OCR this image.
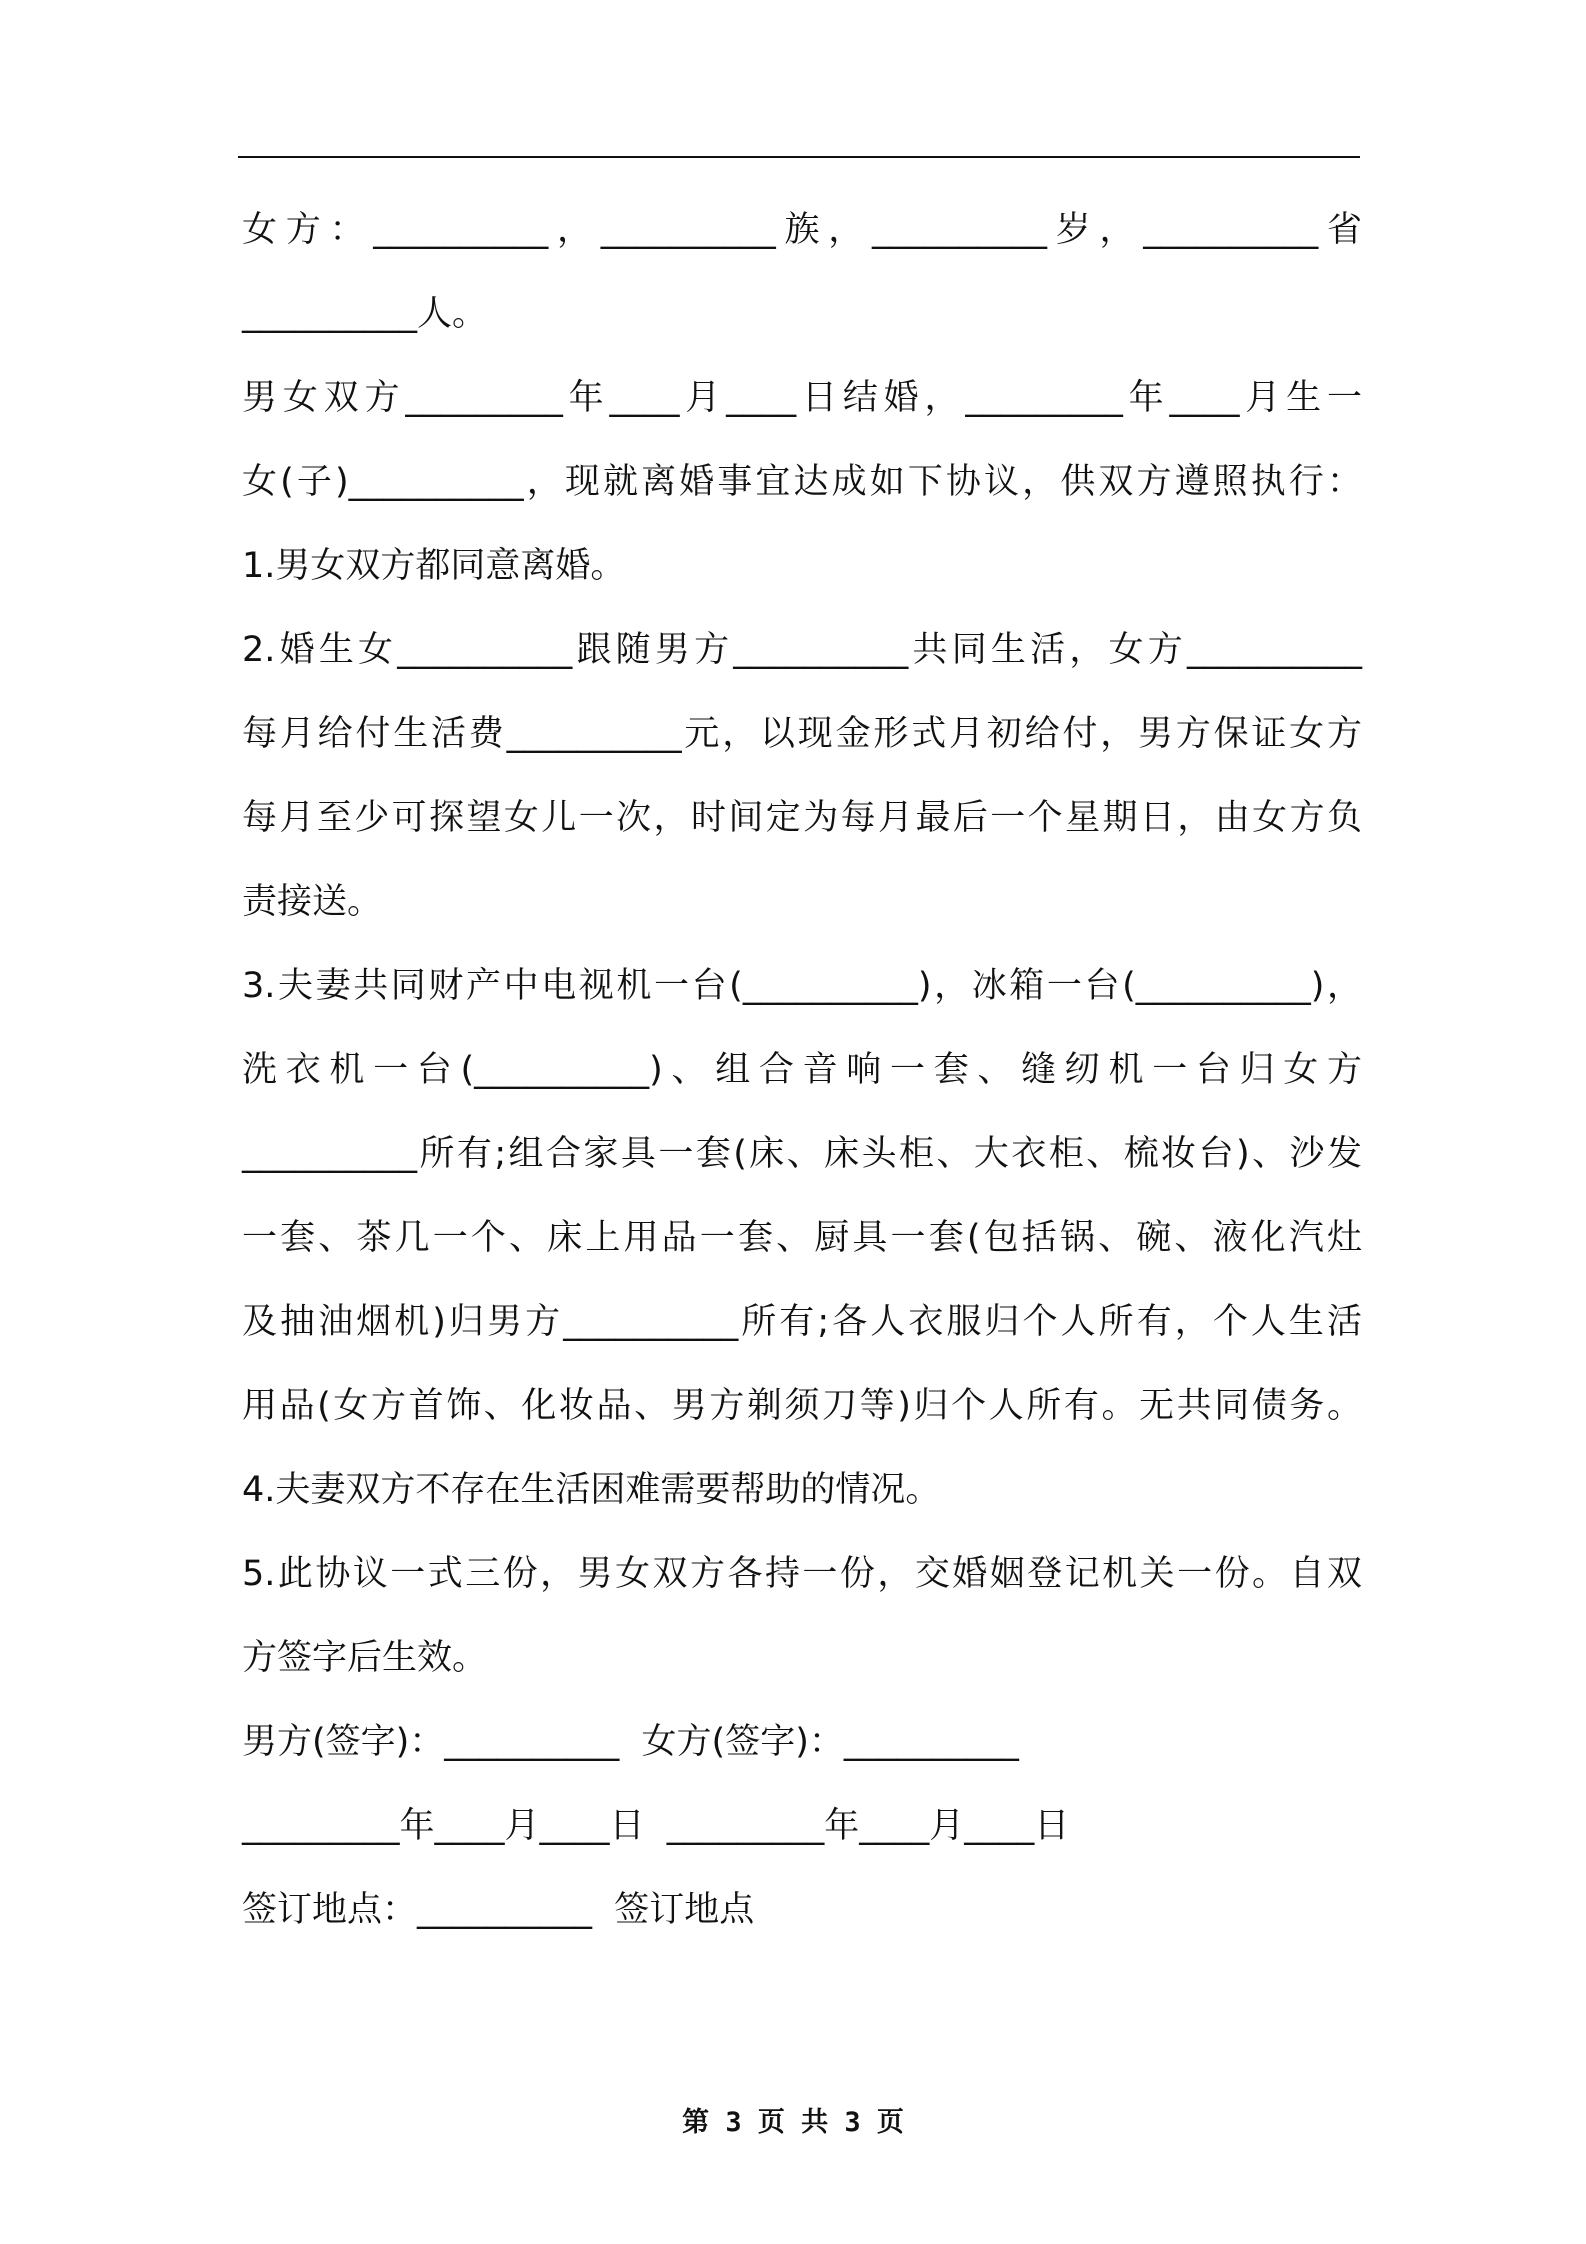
女方：__________，__________族，__________岁，__________省
__________人。
男女双方_________年____月____日结婚，_________年____月生一
女(子)__________，现就离婚事宜达成如下协议，供双方遵照执行：
1.男女双方都同意离婚。
2.婚生女__________跟随男方__________共同生活，女方__________
每月给付生活费__________元，以现金形式月初给付，男方保证女方
每月至少可探望女儿一次，时间定为每月最后一个星期日，由女方负
责接送。
3.夫妻共同财产中电视机一台(__________)，冰箱一台(__________)，
洗衣机一台(__________)、组合音响一套、缝纫机一台归女方
__________所有;组合家具一套(床、床头柜、大衣柜、梳妆台)、沙发
一套、茶几一个、床上用品一套、厨具一套(包括锅、碗、液化汽灶
及抽油烟机)归男方__________所有;各人衣服归个人所有，个人生活
用品(女方首饰、化妆品、男方剃须刀等)归个人所有。无共同债务。
4.夫妻双方不存在生活困难需要帮助的情况。
5.此协议一式三份，男女双方各持一份，交婚姻登记机关一份。自双
方签字后生效。
男方(签字)：__________  女方(签字)：__________
_________年____月____日  _________年____月____日
签订地点：__________  签订地点
第 3 页 共 3 页
